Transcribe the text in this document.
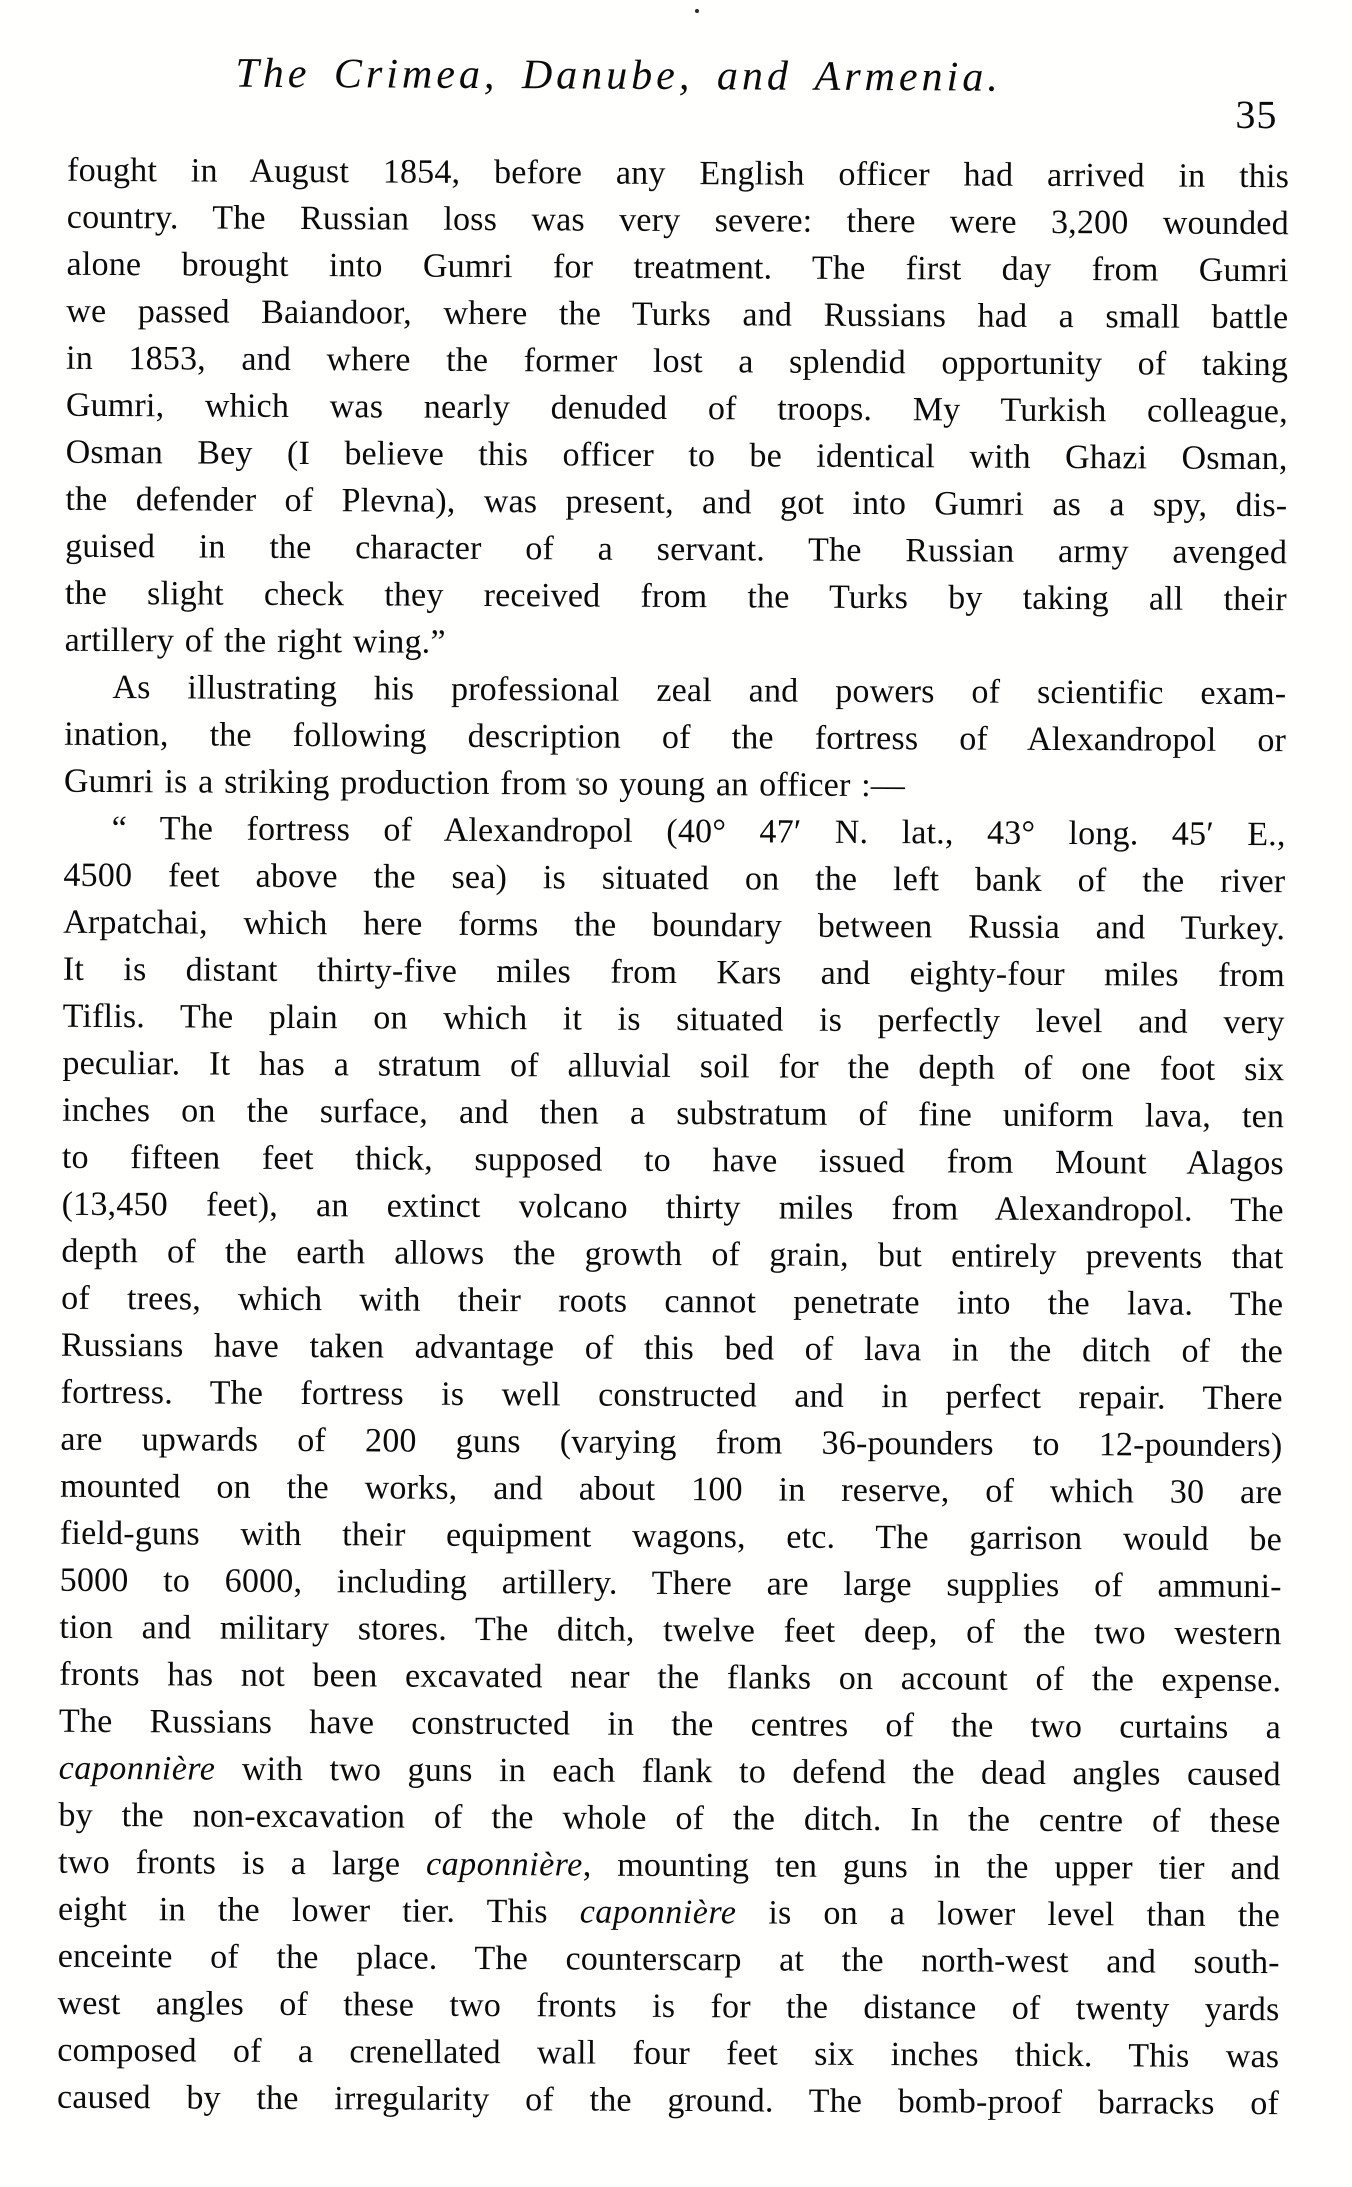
The Crimea, Danube, and Armenia.
35
fought in August 1854, before any English officer had arrived in this
country. The Russian loss was very severe: there were 3,200 wounded
alone brought into Gumri for treatment. The first day from Gumri
we passed Baiandoor, where the Turks and Russians had a small battle
in 1853, and where the former lost a splendid opportunity of taking
Gumri, which was nearly denuded of troops. My Turkish colleague,
Osman Bey (I believe this officer to be identical with Ghazi Osman,
the defender of Plevna), was present, and got into Gumri as a spy, dis-
guised in the character of a servant. The Russian army avenged
the slight check they received from the Turks by taking all their
artillery of the right wing.”
As illustrating his professional zeal and powers of scientific exam-
ination, the following description of the fortress of Alexandropol or
Gumri is a striking production from so young an officer :—
“ The fortress of Alexandropol (40° 47′ N. lat., 43° long. 45′ E.,
4500 feet above the sea) is situated on the left bank of the river
Arpatchai, which here forms the boundary between Russia and Turkey.
It is distant thirty-five miles from Kars and eighty-four miles from
Tiflis. The plain on which it is situated is perfectly level and very
peculiar. It has a stratum of alluvial soil for the depth of one foot six
inches on the surface, and then a substratum of fine uniform lava, ten
to fifteen feet thick, supposed to have issued from Mount Alagos
(13,450 feet), an extinct volcano thirty miles from Alexandropol. The
depth of the earth allows the growth of grain, but entirely prevents that
of trees, which with their roots cannot penetrate into the lava. The
Russians have taken advantage of this bed of lava in the ditch of the
fortress. The fortress is well constructed and in perfect repair. There
are upwards of 200 guns (varying from 36-pounders to 12-pounders)
mounted on the works, and about 100 in reserve, of which 30 are
field-guns with their equipment wagons, etc. The garrison would be
5000 to 6000, including artillery. There are large supplies of ammuni-
tion and military stores. The ditch, twelve feet deep, of the two western
fronts has not been excavated near the flanks on account of the expense.
The Russians have constructed in the centres of the two curtains a
caponnière with two guns in each flank to defend the dead angles caused
by the non-excavation of the whole of the ditch. In the centre of these
two fronts is a large caponnière, mounting ten guns in the upper tier and
eight in the lower tier. This caponnière is on a lower level than the
enceinte of the place. The counterscarp at the north-west and south-
west angles of these two fronts is for the distance of twenty yards
composed of a crenellated wall four feet six inches thick. This was
caused by the irregularity of the ground. The bomb-proof barracks of
